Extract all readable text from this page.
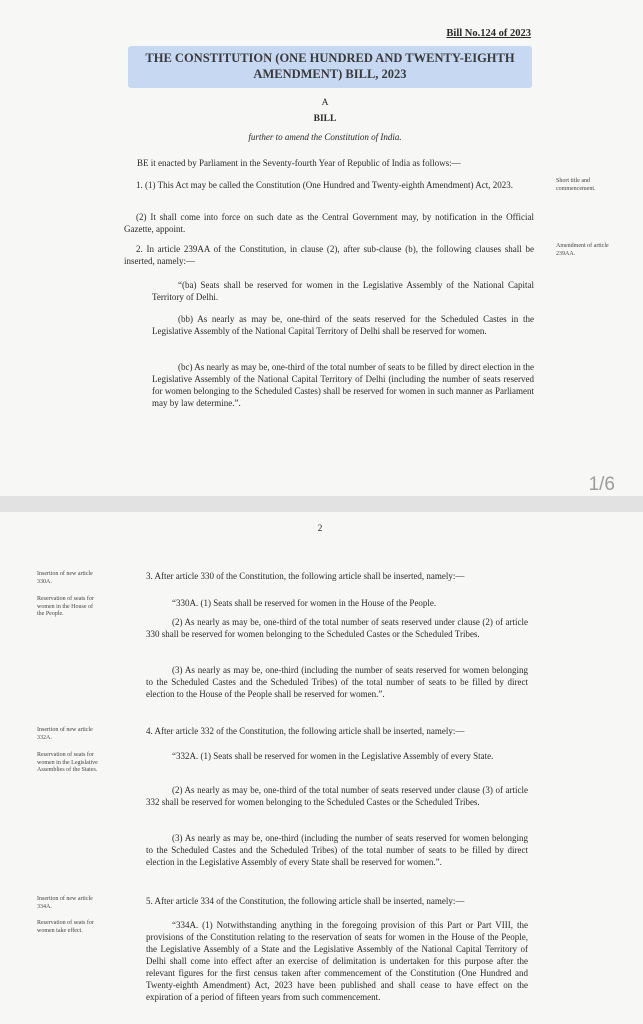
Bill No.124 of 2023
THE CONSTITUTION (ONE HUNDRED AND TWENTY-EIGHTH
AMENDMENT) BILL, 2023
A
BILL
further to amend the Constitution of India.
BE it enacted by Parliament in the Seventy-fourth Year of Republic of India as follows:—
1. (1) This Act may be called the Constitution (One Hundred and Twenty-eighth Amendment) Act, 2023.
(2) It shall come into force on such date as the Central Government may, by notification in the Official Gazette, appoint.
2. In article 239AA of the Constitution, in clause (2), after sub-clause (b), the following clauses shall be inserted, namely:—
“(ba) Seats shall be reserved for women in the Legislative Assembly of the National Capital Territory of Delhi.
(bb) As nearly as may be, one-third of the seats reserved for the Scheduled Castes in the Legislative Assembly of the National Capital Territory of Delhi shall be reserved for women.
(bc) As nearly as may be, one-third of the total number of seats to be filled by direct election in the Legislative Assembly of the National Capital Territory of Delhi (including the number of seats reserved for women belonging to the Scheduled Castes) shall be reserved for women in such manner as Parliament may by law determine.”.
Short title and commencement.
Amendment of article 239AA.
1/6
2
Insertion of new article 330A.
Reservation of seats for women in the House of the People.
3. After article 330 of the Constitution, the following article shall be inserted, namely:—
“330A. (1) Seats shall be reserved for women in the House of the People.
(2) As nearly as may be, one-third of the total number of seats reserved under clause (2) of article 330 shall be reserved for women belonging to the Scheduled Castes or the Scheduled Tribes.
(3) As nearly as may be, one-third (including the number of seats reserved for women belonging to the Scheduled Castes and the Scheduled Tribes) of the total number of seats to be filled by direct election to the House of the People shall be reserved for women.”.
Insertion of new article 332A.
Reservation of seats for women in the Legislative Assemblies of the States.
4. After article 332 of the Constitution, the following article shall be inserted, namely:—
“332A. (1) Seats shall be reserved for women in the Legislative Assembly of every State.
(2) As nearly as may be, one-third of the total number of seats reserved under clause (3) of article 332 shall be reserved for women belonging to the Scheduled Castes or the Scheduled Tribes.
(3) As nearly as may be, one-third (including the number of seats reserved for women belonging to the Scheduled Castes and the Scheduled Tribes) of the total number of seats to be filled by direct election in the Legislative Assembly of every State shall be reserved for women.”.
Insertion of new article 334A.
Reservation of seats for women take effect.
5. After article 334 of the Constitution, the following article shall be inserted, namely:—
“334A. (1) Notwithstanding anything in the foregoing provision of this Part or Part VIII, the provisions of the Constitution relating to the reservation of seats for women in the House of the People, the Legislative Assembly of a State and the Legislative Assembly of the National Capital Territory of Delhi shall come into effect after an exercise of delimitation is undertaken for this purpose after the relevant figures for the first census taken after commencement of the Constitution (One Hundred and Twenty-eighth Amendment) Act, 2023 have been published and shall cease to have effect on the expiration of a period of fifteen years from such commencement.
